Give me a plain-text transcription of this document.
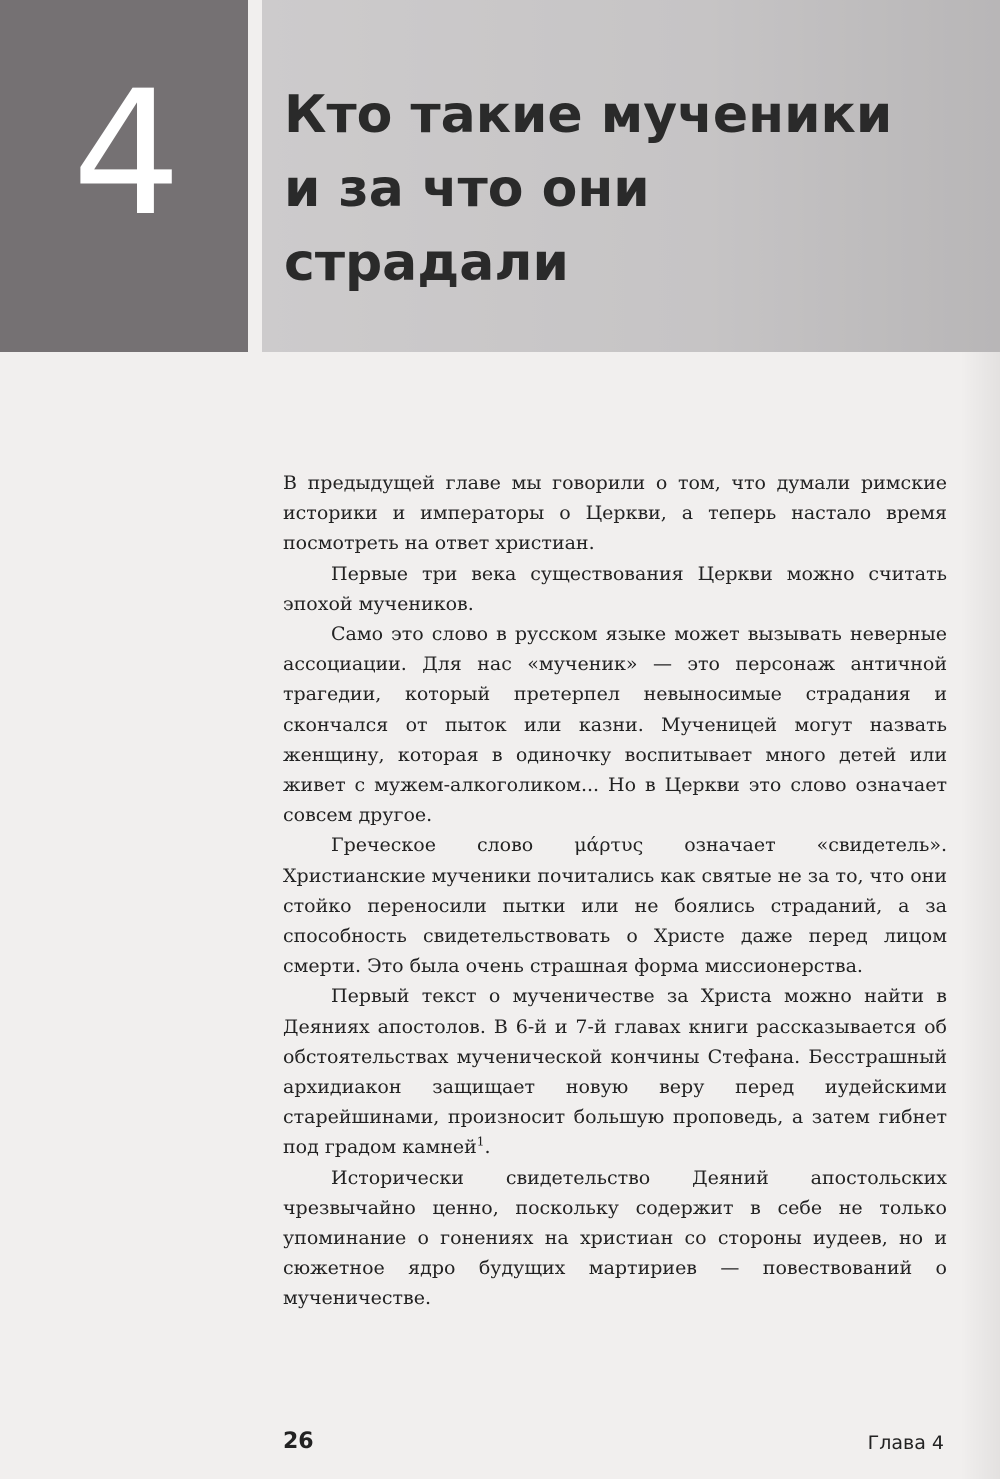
4 Кто такие мученики
и за что они
страдали

В предыдущей главе мы говорили о том, что думали римские историки и императоры о Церкви, а теперь настало время посмотреть на ответ христиан.

Первые три века существования Церкви можно считать эпохой мучеников.

Само это слово в русском языке может вызывать неверные ассоциации. Для нас «мученик» — это персонаж античной трагедии, который претерпел невыносимые страдания и скончался от пыток или казни. Мученицей могут назвать женщину, которая в одиночку воспитывает много детей или живет с мужем-алкоголиком... Но в Церкви это слово означает совсем другое.

Греческое слово μάρτυς означает «свидетель». Христианские мученики почитались как святые не за то, что они стойко переносили пытки или не боялись страданий, а за способность свидетельствовать о Христе даже перед лицом смерти. Это была очень страшная форма миссионерства.

Первый текст о мученичестве за Христа можно найти в Деяниях апостолов. В 6-й и 7-й главах книги рассказывается об обстоятельствах мученической кончины Стефана. Бесстрашный архидиакон защищает новую веру перед иудейскими старейшинами, произносит большую проповедь, а затем гибнет под градом камней$^1$.

Исторически свидетельство Деяний апостольских чрезвычайно ценно, поскольку содержит в себе не только упоминание о гонениях на христиан со стороны иудеев, но и сюжетное ядро будущих мартириев — повествований о мученичестве.

26	Глава 4
